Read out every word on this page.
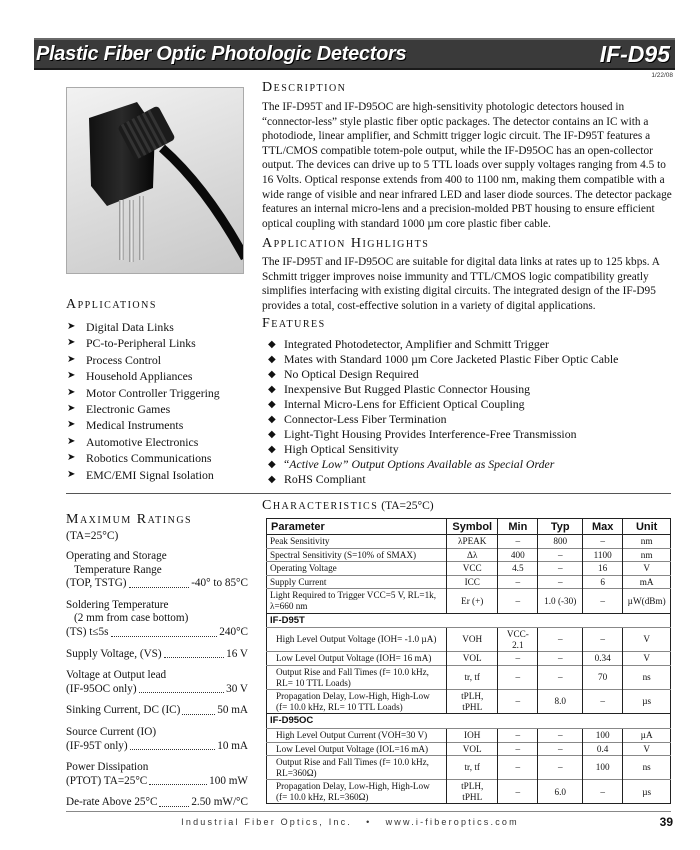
Plastic Fiber Optic Photologic Detectors	IF-D95
1/22/08
Description

The IF-D95T and IF-D95OC are high-sensitivity photologic detectors housed in “connector-less” style plastic fiber optic packages. The detector contains an IC with a photodiode, linear amplifier, and Schmitt trigger logic circuit. The IF-D95T features a TTL/CMOS compatible totem-pole output, while the IF-D95OC has an open-collector output. The devices can drive up to 5 TTL loads over supply voltages ranging from 4.5 to 16 Volts. Optical response extends from 400 to 1100 nm, making them compatible with a wide range of visible and near infrared LED and laser diode sources. The detector package features an internal micro-lens and a precision-molded PBT housing to ensure efficient optical coupling with standard 1000 µm core plastic fiber cable.

Application Highlights

The IF-D95T and IF-D95OC are suitable for digital data links at rates up to 125 kbps. A Schmitt trigger improves noise immunity and TTL/CMOS logic compatibility greatly simplifies interfacing with existing digital circuits. The integrated design of the IF-D95 provides a total, cost-effective solution in a variety of digital applications.

Applications
➤ Digital Data Links
➤ PC-to-Peripheral Links
➤ Process Control
➤ Household Appliances
➤ Motor Controller Triggering
➤ Electronic Games
➤ Medical Instruments
➤ Automotive Electronics
➤ Robotics Communications
➤ EMC/EMI Signal Isolation
Features
◆ Integrated Photodetector, Amplifier and Schmitt Trigger
◆ Mates with Standard 1000 µm Core Jacketed Plastic Fiber Optic Cable
◆ No Optical Design Required
◆ Inexpensive But Rugged Plastic Connector Housing
◆ Internal Micro-Lens for Efficient Optical Coupling
◆ Connector-Less Fiber Termination
◆ Light-Tight Housing Provides Interference-Free Transmission
◆ High Optical Sensitivity
◆ “Active Low” Output Options Available as Special Order
◆ RoHS Compliant
Maximum Ratings
(TA=25°C)
Operating and Storage
Temperature Range
(TOP, TSTG)	-40° to 85°C
Soldering Temperature
(2 mm from case bottom)
(TS) t≤5s	240°C
Supply Voltage, (VS)	16 V
Voltage at Output lead
(IF-95OC only)	30 V
Sinking Current, DC (IC)	50 mA
Source Current (IO)
(IF-95T only)	10 mA
Power Dissipation
(PTOT) TA=25°C	100 mW
De-rate Above 25°C	2.50 mW/°C
Characteristics (TA=25°C)
Parameter	Symbol	Min	Typ	Max	Unit
Peak Sensitivity	λPEAK	–	800	–	nm
Spectral Sensitivity (S=10% of SMAX)	Δλ	400	–	1100	nm
Operating Voltage	VCC	4.5	–	16	V
Supply Current	ICC	–	–	6	mA
Light Required to Trigger VCC=5 V, RL=1k, λ=660 nm	Er (+)	–	1.0 (-30)	–	µW(dBm)
IF-D95T					

High Level Output Voltage (IOH= -1.0 µA)	VOH	VCC-2.1	–	–	V

Low Level Output Voltage (IOH= 16 mA)	VOL	–	–	0.34	V

Output Rise and Fall Times (f= 10.0 kHz, RL= 10 TTL Loads)	tr, tf	–	–	70	ns

Propagation Delay, Low-High, High-Low (f= 10.0 kHz, RL= 10 TTL Loads)	tPLH, tPHL	–	8.0	–	µs
IF-D95OC					

High Level Output Current (VOH=30 V)	IOH	–	–	100	µA

Low Level Output Voltage (IOL=16 mA)	VOL	–	–	0.4	V

Output Rise and Fall Times (f= 10.0 kHz, RL=360Ω)	tr, tf	–	–	100	ns

Propagation Delay, Low-High, High-Low (f= 10.0 kHz, RL=360Ω)	tPLH, tPHL	–	6.0	–	µs
Industrial Fiber Optics, Inc. • www.i-fiberoptics.com	39
